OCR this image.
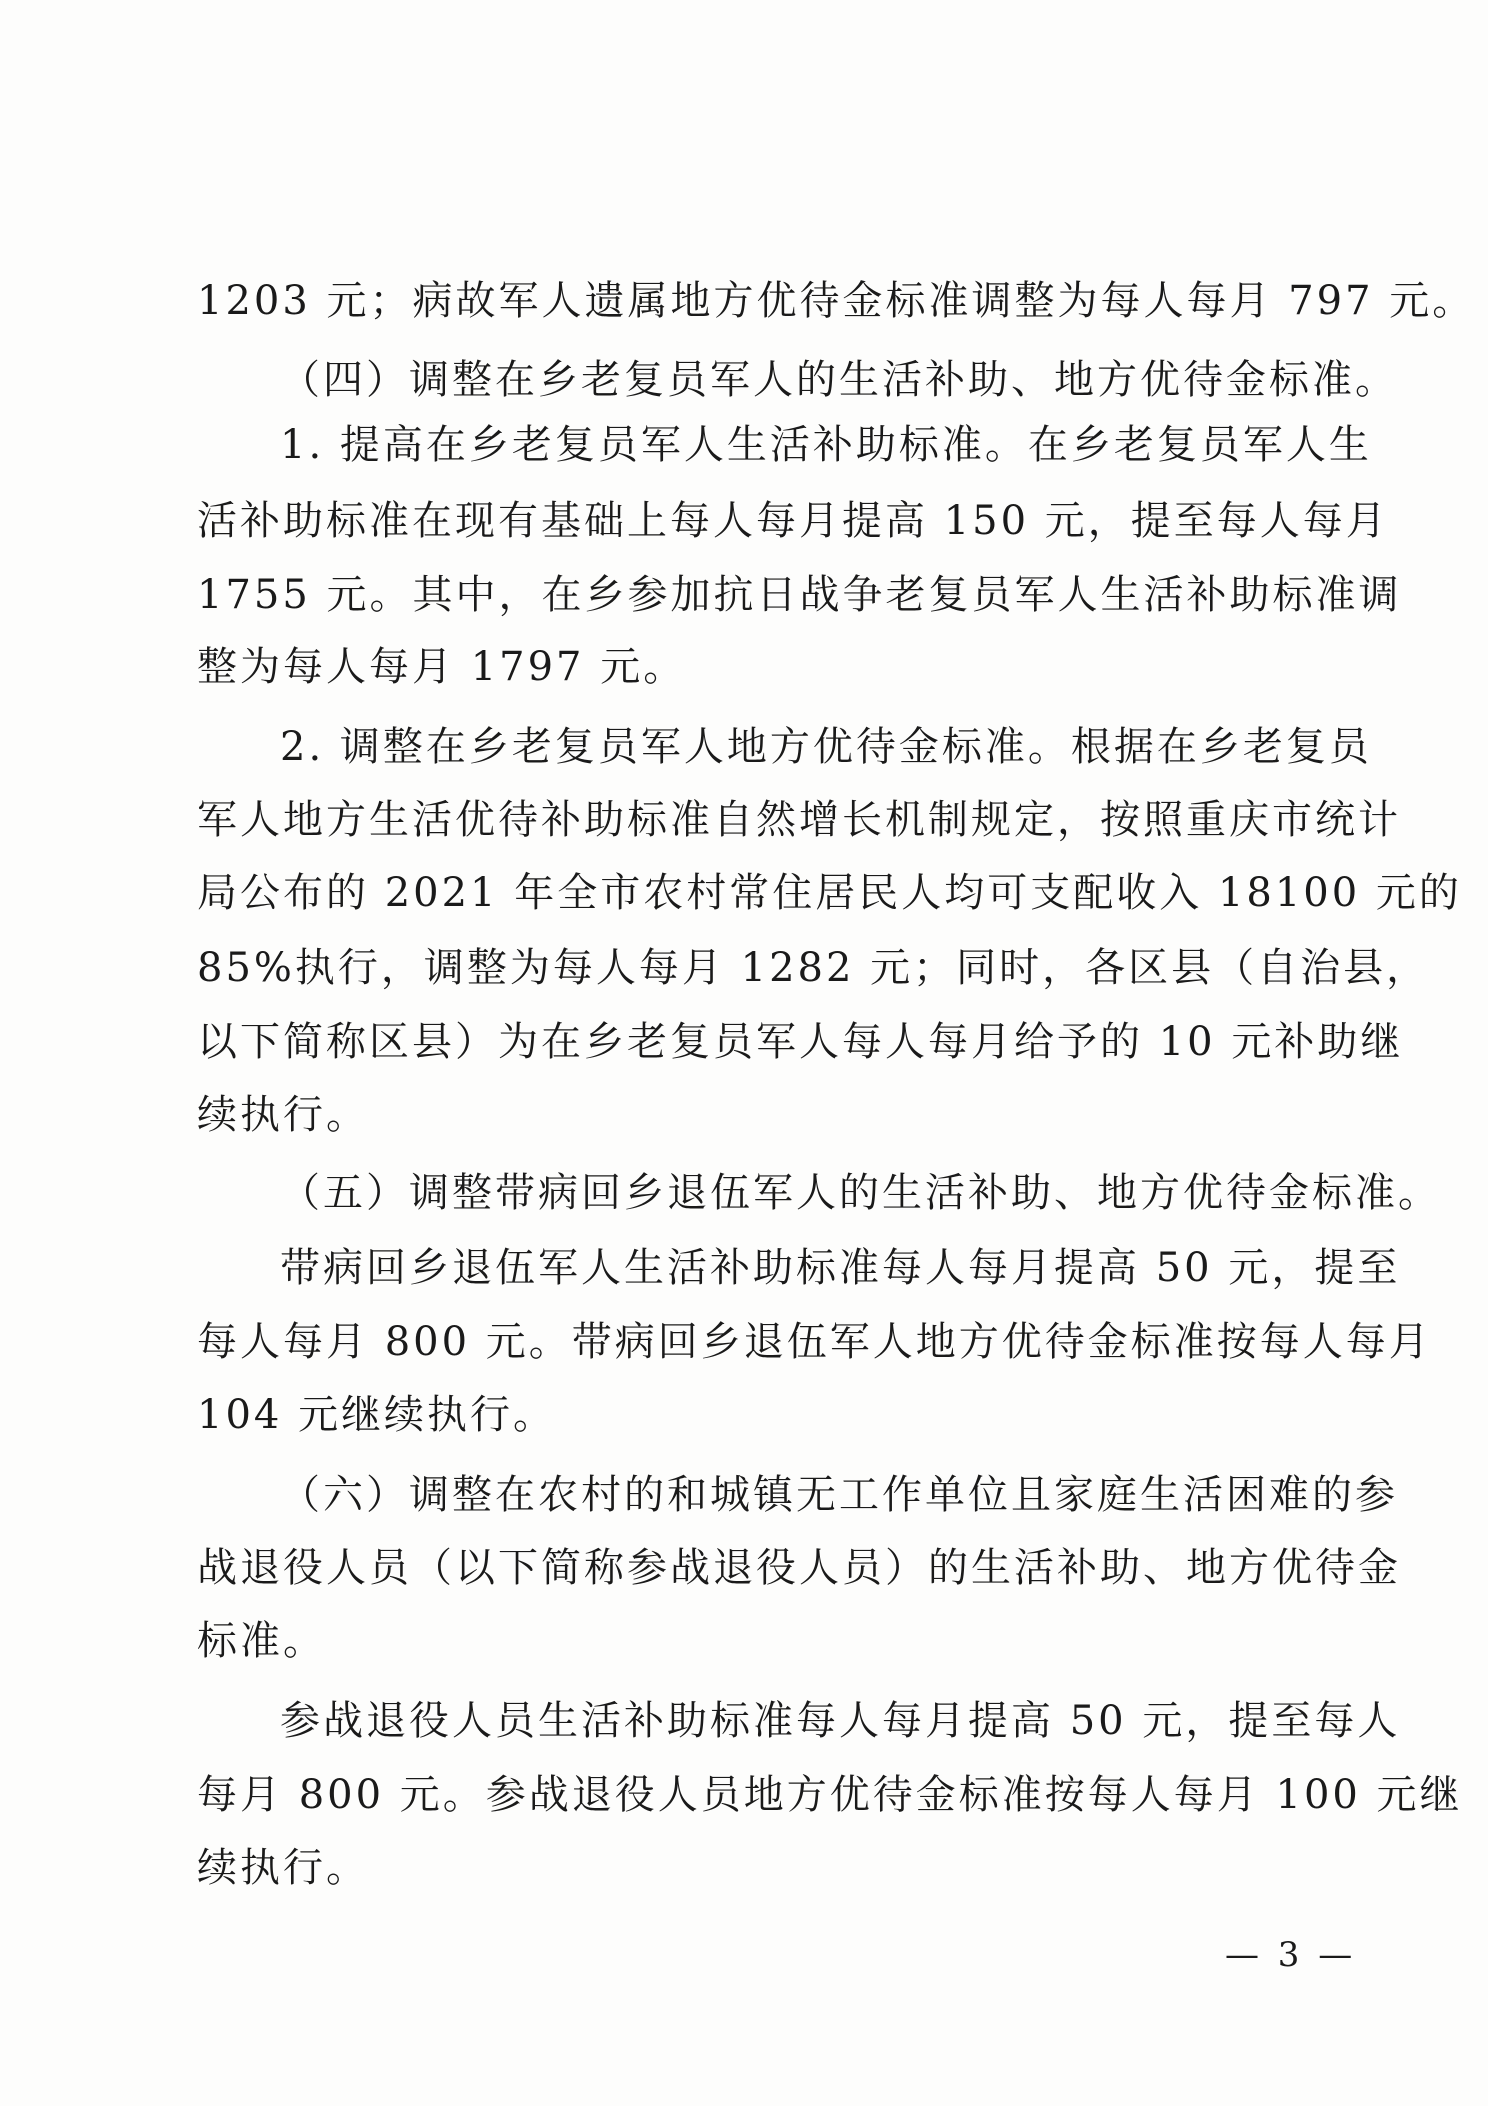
1203 元；病故军人遗属地方优待金标准调整为每人每月 797 元。

（四）调整在乡老复员军人的生活补助、地方优待金标准。

1. 提高在乡老复员军人生活补助标准。在乡老复员军人生

活补助标准在现有基础上每人每月提高 150 元，提至每人每月

1755 元。其中，在乡参加抗日战争老复员军人生活补助标准调

整为每人每月 1797 元。

2. 调整在乡老复员军人地方优待金标准。根据在乡老复员

军人地方生活优待补助标准自然增长机制规定，按照重庆市统计

局公布的 2021 年全市农村常住居民人均可支配收入 18100 元的

85%执行，调整为每人每月 1282 元；同时，各区县（自治县，

以下简称区县）为在乡老复员军人每人每月给予的 10 元补助继

续执行。

（五）调整带病回乡退伍军人的生活补助、地方优待金标准。

带病回乡退伍军人生活补助标准每人每月提高 50 元，提至

每人每月 800 元。带病回乡退伍军人地方优待金标准按每人每月

104 元继续执行。

（六）调整在农村的和城镇无工作单位且家庭生活困难的参

战退役人员（以下简称参战退役人员）的生活补助、地方优待金

标准。

参战退役人员生活补助标准每人每月提高 50 元，提至每人

每月 800 元。参战退役人员地方优待金标准按每人每月 100 元继

续执行。

— 3 —
